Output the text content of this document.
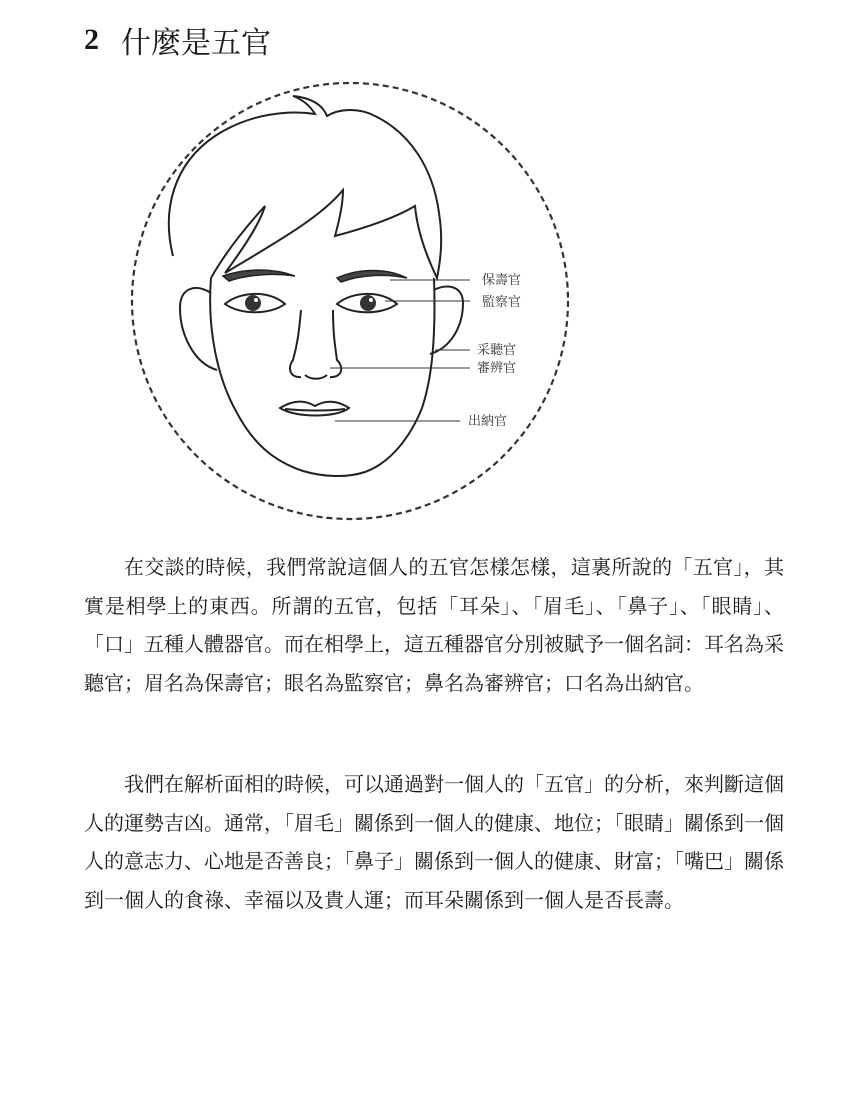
2 什麼是五官
保壽官
監察官
采聽官
審辨官
出納官

在交談的時候，我們常說這個人的五官怎樣怎樣，這裏所說的「五官」，其實是相學上的東西。所謂的五官，包括「耳朵」、「眉毛」、「鼻子」、「眼睛」、「口」五種人體器官。而在相學上，這五種器官分別被賦予一個名詞：耳名為采聽官；眉名為保壽官；眼名為監察官；鼻名為審辨官；口名為出納官。

我們在解析面相的時候，可以通過對一個人的「五官」的分析，來判斷這個人的運勢吉凶。通常，「眉毛」關係到一個人的健康、地位；「眼睛」關係到一個人的意志力、心地是否善良；「鼻子」關係到一個人的健康、財富；「嘴巴」關係到一個人的食祿、幸福以及貴人運；而耳朵關係到一個人是否長壽。
